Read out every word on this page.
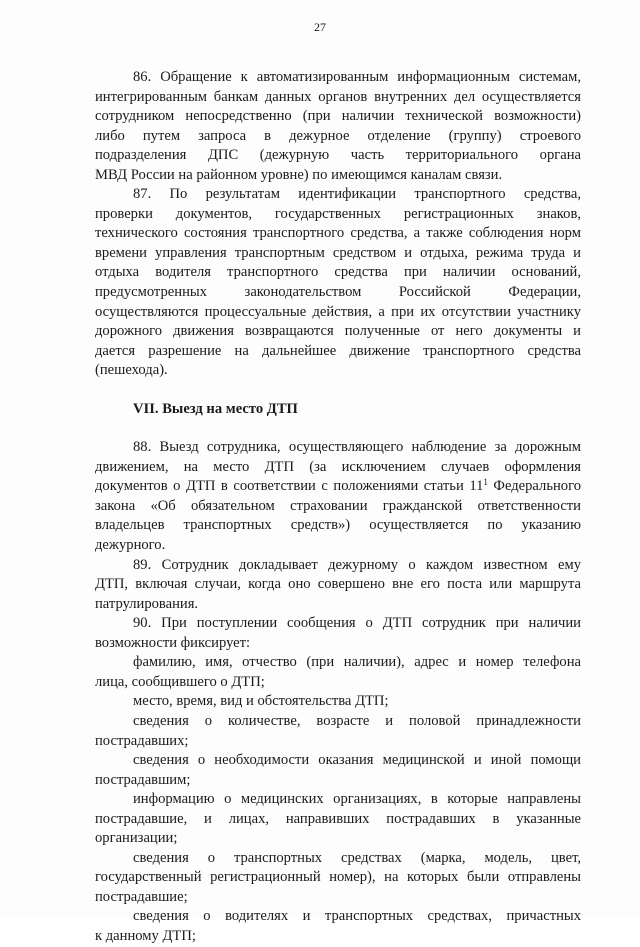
27
86. Обращение к автоматизированным информационным системам,
интегрированным банкам данных органов внутренних дел осуществляется
сотрудником непосредственно (при наличии технической возможности)
либо путем запроса в дежурное отделение (группу) строевого
подразделения ДПС (дежурную часть территориального органа
МВД России на районном уровне) по имеющимся каналам связи.
87. По результатам идентификации транспортного средства,
проверки документов, государственных регистрационных знаков,
технического состояния транспортного средства, а также соблюдения норм
времени управления транспортным средством и отдыха, режима труда и
отдыха водителя транспортного средства при наличии оснований,
предусмотренных законодательством Российской Федерации,
осуществляются процессуальные действия, а при их отсутствии участнику
дорожного движения возвращаются полученные от него документы и
дается разрешение на дальнейшее движение транспортного средства
(пешехода).
VII. Выезд на место ДТП
88. Выезд сотрудника, осуществляющего наблюдение за дорожным
движением, на место ДТП (за исключением случаев оформления
документов о ДТП в соответствии с положениями статьи $11^1$ Федерального
закона «Об обязательном страховании гражданской ответственности
владельцев транспортных средств») осуществляется по указанию
дежурного.
89. Сотрудник докладывает дежурному о каждом известном ему
ДТП, включая случаи, когда оно совершено вне его поста или маршрута
патрулирования.
90. При поступлении сообщения о ДТП сотрудник при наличии
возможности фиксирует:
фамилию, имя, отчество (при наличии), адрес и номер телефона
лица, сообщившего о ДТП;
место, время, вид и обстоятельства ДТП;
сведения о количестве, возрасте и половой принадлежности
пострадавших;
сведения о необходимости оказания медицинской и иной помощи
пострадавшим;
информацию о медицинских организациях, в которые направлены
пострадавшие, и лицах, направивших пострадавших в указанные
организации;
сведения о транспортных средствах (марка, модель, цвет,
государственный регистрационный номер), на которых были отправлены
пострадавшие;
сведения о водителях и транспортных средствах, причастных
к данному ДТП;
